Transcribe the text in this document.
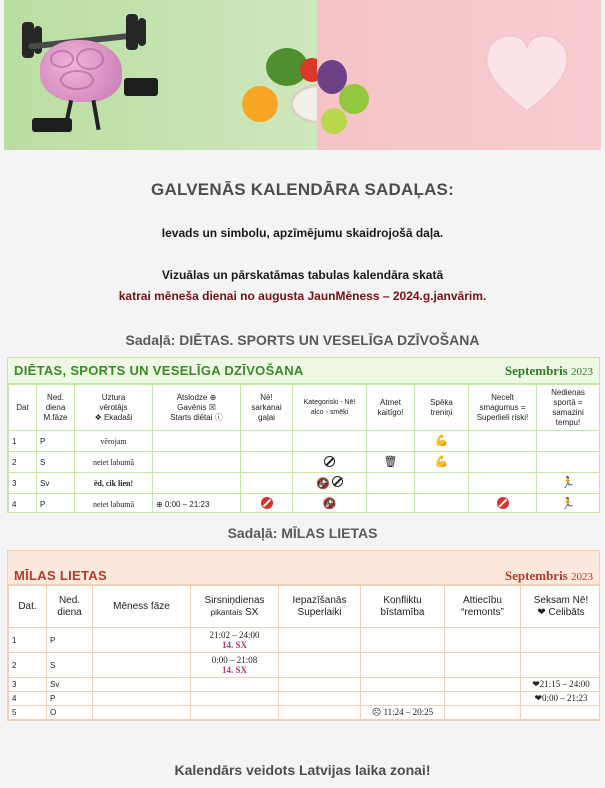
GALVENĀS KALENDĀRA SADAĻAS:
Ievads un simbolu, apzīmējumu skaidrojošā daļa.
Vizuālas un pārskatāmas tabulas kalendāra skatā
katrai mēneša dienai no augusta JaunMēness – 2024.g.janvārim.
Sadaļā: DIĒTAS. SPORTS UN VESELĪGA DZĪVOŠANA
DIĒTAS, SPORTS UN VESELĪGA DZĪVOŠANA	Septembris 2023
Dat	Ned.
diena
M.fāze	Uzturа
vērotājs
❖ Ekadaši	Atslodze ⊕
Gavēnis ☒
Starts diētai ⓘ	Nē!
sarkanai
gaļai	Kategoriski - Nē!
alco - smēķi	Atmet
kaitīgo!	Spēka
treniņi	Necelt
smagumus =
Superlieli riski!	Nedienas
sportā =
samazini
tempu!
1	P	vērojam					💪		
2	S	neiet labumā				🗑	💪		
3	Sv	ēd, cik lien!			🚱				🏃
4	P	neiet labumā	⊕ 0:00 – 21:23		🚱				🏃

Sadaļā: MĪLAS LIETAS
MĪLAS LIETAS	Septembris 2023
Dat.	Ned.
diena	Mēness fāze	Sirsniņdienas
pikantais SX	Iepazīšanās
Superlaiki	Konfliktu
bīstamība	Attiecību
“remonts”	Seksam Nē!
❤ Celibāts
1	P		21:02 – 24:00
14. SX				
2	S		0:00 – 21:08
14. SX				
3	Sv						❤21:15 – 24:00
4	P						❤0:00 – 21:23
5	O				☹ 11:24 – 20:25		
Kalendārs veidots Latvijas laika zonai!
